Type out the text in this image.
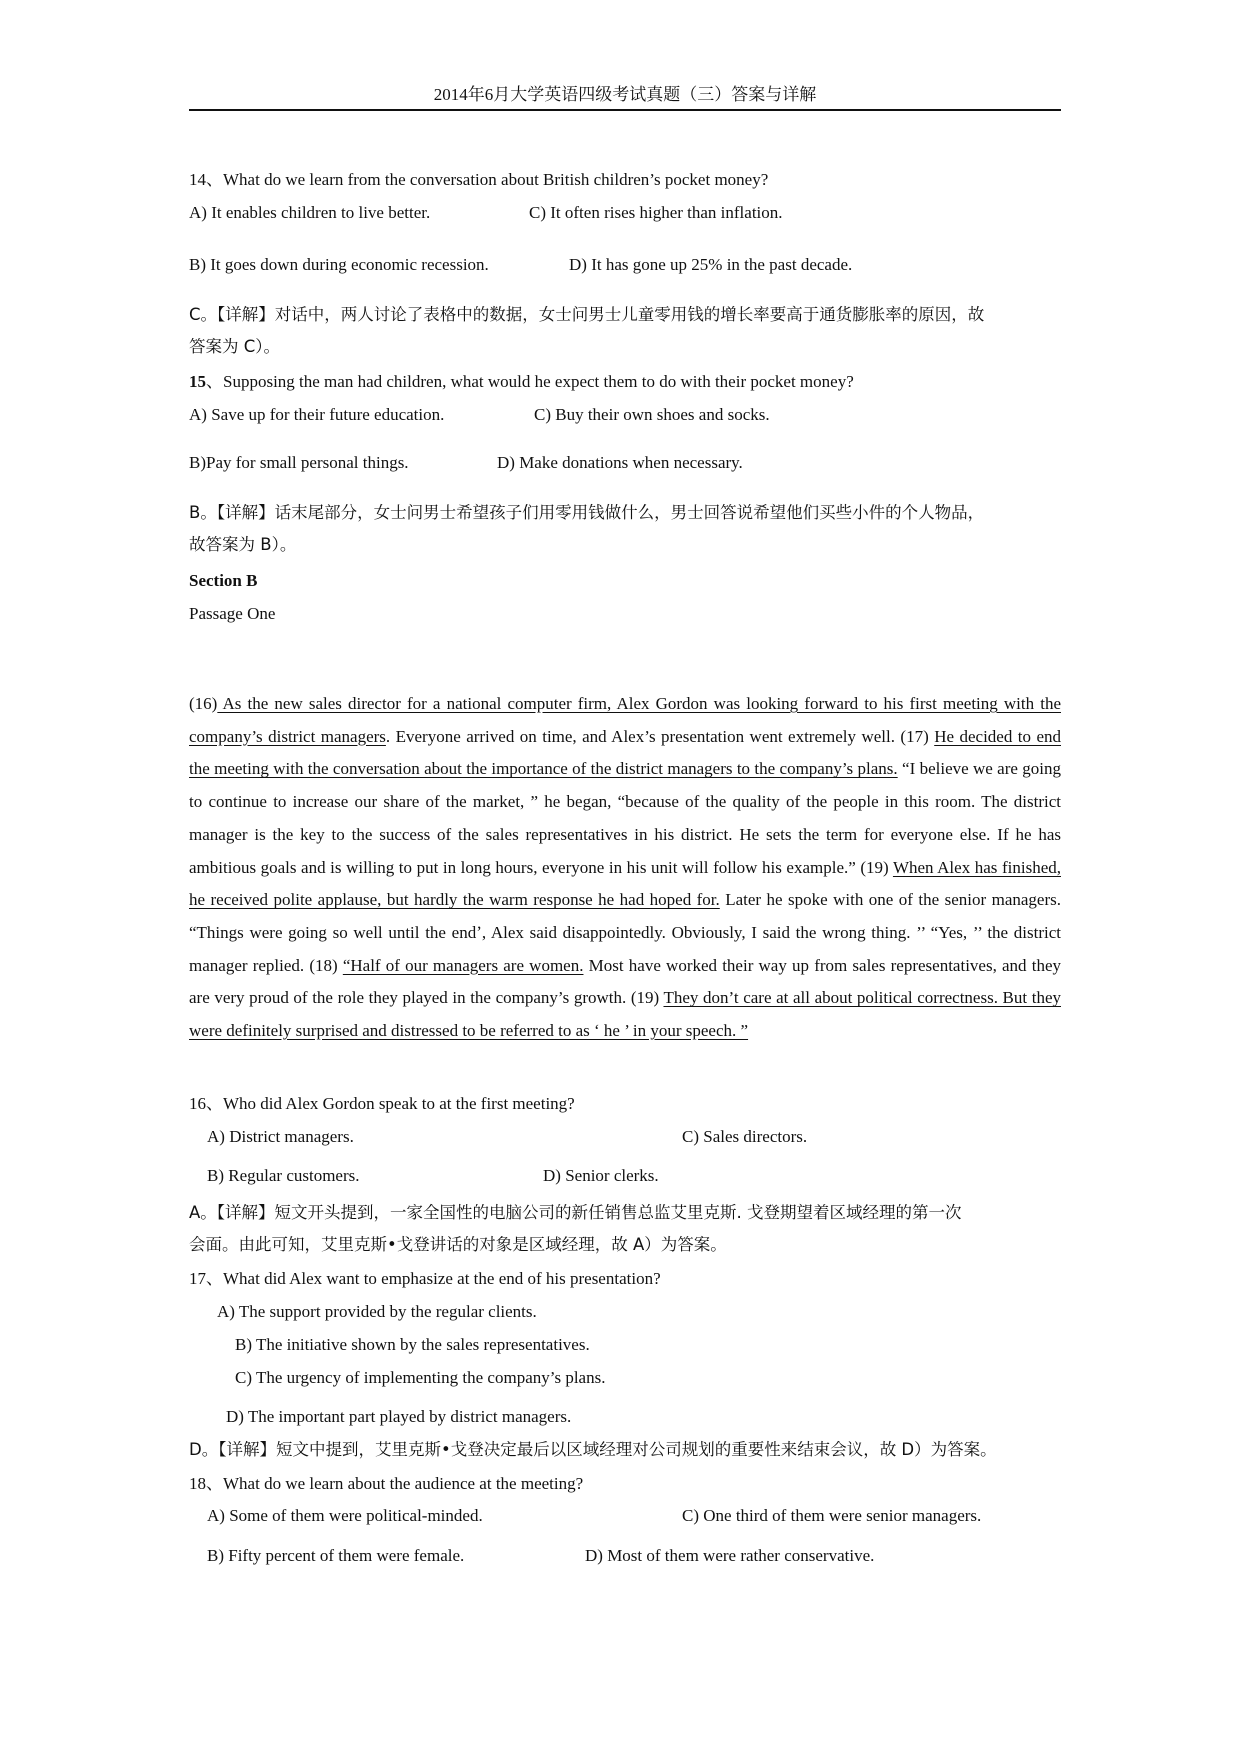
2014年6月大学英语四级考试真题（三）答案与详解
14、What do we learn from the conversation about British children’s pocket money?
A) It enables children to live better.	C) It often rises higher than inflation.
B) It goes down during economic recession.	D) It has gone up 25% in the past decade.
C。【详解】对话中，两人讨论了表格中的数据，女士问男士儿童零用钱的增长率要高于通货膨胀率的原因，故
答案为 C）。
15、Supposing the man had children, what would he expect them to do with their pocket money?
A) Save up for their future education.	C) Buy their own shoes and socks.
B)Pay for small personal things.	D) Make donations when necessary.
B。【详解】话末尾部分，女士问男士希望孩子们用零用钱做什么，男士回答说希望他们买些小件的个人物品，
故答案为 B）。
Section B
Passage One
(16) As the new sales director for a national computer firm, Alex Gordon was looking forward to his first meeting with the company’s district managers. Everyone arrived on time, and Alex’s presentation went extremely well. (17) He decided to end the meeting with the conversation about the importance of the district managers to the company’s plans. “I believe we are going to continue to increase our share of the market, ” he began, “because of the quality of the people in this room. The district manager is the key to the success of the sales representatives in his district. He sets the term for everyone else. If he has ambitious goals and is willing to put in long hours, everyone in his unit will follow his example.” (19) When Alex has finished, he received polite applause, but hardly the warm response he had hoped for. Later he spoke with one of the senior managers. “Things were going so well until the endʼ, Alex said disappointedly. Obviously, I said the wrong thing. ’’ “Yes, ’’ the district manager replied. (18) “Half of our managers are women. Most have worked their way up from sales representatives, and they are very proud of the role they played in the company’s growth. (19) They don’t care at all about political correctness. But they were definitely surprised and distressed to be referred to as ‘ he ’ in your speech. ”
16、Who did Alex Gordon speak to at the first meeting?
A) District managers.	C) Sales directors.
B) Regular customers.	D) Senior clerks.
A。【详解】短文开头提到，一家全国性的电脑公司的新任销售总监艾里克斯. 戈登期望着区域经理的第一次
会面。由此可知，艾里克斯•戈登讲话的对象是区域经理，故 A）为答案。
17、What did Alex want to emphasize at the end of his presentation?
A) The support provided by the regular clients.
B) The initiative shown by the sales representatives.
C) The urgency of implementing the company’s plans.
D) The important part played by district managers.
D。【详解】短文中提到，艾里克斯•戈登决定最后以区域经理对公司规划的重要性来结束会议，故 D）为答案。
18、What do we learn about the audience at the meeting?
A) Some of them were political-minded.	C) One third of them were senior managers.
B) Fifty percent of them were female.	D) Most of them were rather conservative.
